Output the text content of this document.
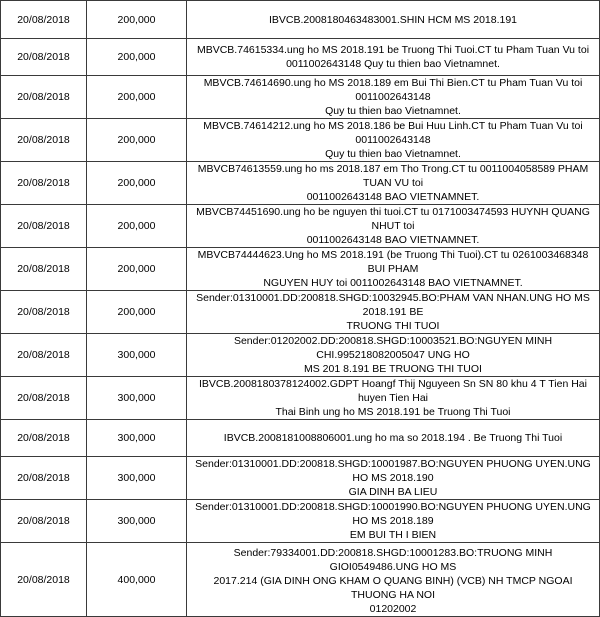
20/08/2018	200,000	IBVCB.2008180463483001.SHIN HCM MS 2018.191
20/08/2018	200,000	MBVCB.74615334.ung ho MS 2018.191 be Truong Thi Tuoi.CT tu Pham Tuan Vu toi
0011002643148 Quy tu thien bao Vietnamnet.
20/08/2018	200,000	MBVCB.74614690.ung ho MS 2018.189 em Bui Thi Bien.CT tu Pham Tuan Vu toi 0011002643148
Quy tu thien bao Vietnamnet.
20/08/2018	200,000	MBVCB.74614212.ung ho MS 2018.186 be Bui Huu Linh.CT tu Pham Tuan Vu toi 0011002643148
Quy tu thien bao Vietnamnet.
20/08/2018	200,000	MBVCB74613559.ung ho ms 2018.187 em Tho Trong.CT tu 0011004058589 PHAM TUAN VU toi
0011002643148 BAO VIETNAMNET.
20/08/2018	200,000	MBVCB74451690.ung ho be nguyen thi tuoi.CT tu 0171003474593 HUYNH QUANG NHUT toi
0011002643148 BAO VIETNAMNET.
20/08/2018	200,000	MBVCB74444623.Ung ho MS 2018.191 (be Truong Thi Tuoi).CT tu 0261003468348 BUI PHAM
NGUYEN HUY toi 0011002643148 BAO VIETNAMNET.
20/08/2018	200,000	Sender:01310001.DD:200818.SHGD:10032945.BO:PHAM VAN NHAN.UNG HO MS 2018.191 BE
TRUONG THI TUOI
20/08/2018	300,000	Sender:01202002.DD:200818.SHGD:10003521.BO:NGUYEN MINH CHI.995218082005047 UNG HO
MS 201 8.191 BE TRUONG THI TUOI
20/08/2018	300,000	IBVCB.2008180378124002.GDPT Hoangf Thij Nguyeen Sn SN 80 khu 4 T Tien Hai huyen Tien Hai
Thai Binh ung ho MS 2018.191 be Truong Thi Tuoi
20/08/2018	300,000	IBVCB.2008181008806001.ung ho ma so 2018.194 . Be Truong Thi Tuoi
20/08/2018	300,000	Sender:01310001.DD:200818.SHGD:10001987.BO:NGUYEN PHUONG UYEN.UNG HO MS 2018.190
GIA DINH BA LIEU
20/08/2018	300,000	Sender:01310001.DD:200818.SHGD:10001990.BO:NGUYEN PHUONG UYEN.UNG HO MS 2018.189
EM BUI TH I BIEN
20/08/2018	400,000	Sender:79334001.DD:200818.SHGD:10001283.BO:TRUONG MINH GIOI0549486.UNG HO MS
2017.214 (GIA DINH ONG KHAM O QUANG BINH) (VCB) NH TMCP NGOAI THUONG HA NOI
01202002
